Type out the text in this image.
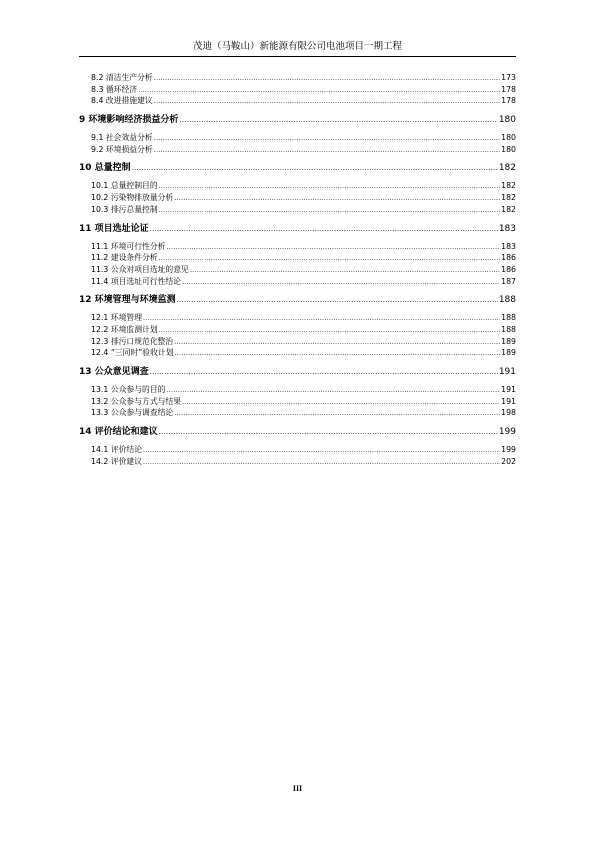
茂迪（马鞍山）新能源有限公司电池项目一期工程
8.2 清洁生产分析 .....	173
8.3 循环经济 .....	178
8.4 改进措施建议 .....	178
9 环境影响经济损益分析 .....	180
9.1 社会效益分析 .....	180
9.2 环境损益分析 .....	180
10 总量控制 .....	182
10.1 总量控制目的 .....	182
10.2 污染物排放量分析 .....	182
10.3 排污总量控制 .....	182
11 项目选址论证 .....	183
11.1 环境可行性分析 .....	183
11.2 建设条件分析 .....	186
11.3 公众对项目选址的意见 .....	186
11.4 项目选址可行性结论 .....	187
12 环境管理与环境监测 .....	188
12.1 环境管理 .....	188
12.2 环境监测计划 .....	188
12.3 排污口规范化整治 .....	189
12.4 “三同时”验收计划 .....	189
13 公众意见调查 .....	191
13.1 公众参与的目的 .....	191
13.2 公众参与方式与结果 .....	191
13.3 公众参与调查结论 .....	198
14 评价结论和建议 .....	199
14.1 评价结论 .....	199
14.2 评价建议 .....	202
III
